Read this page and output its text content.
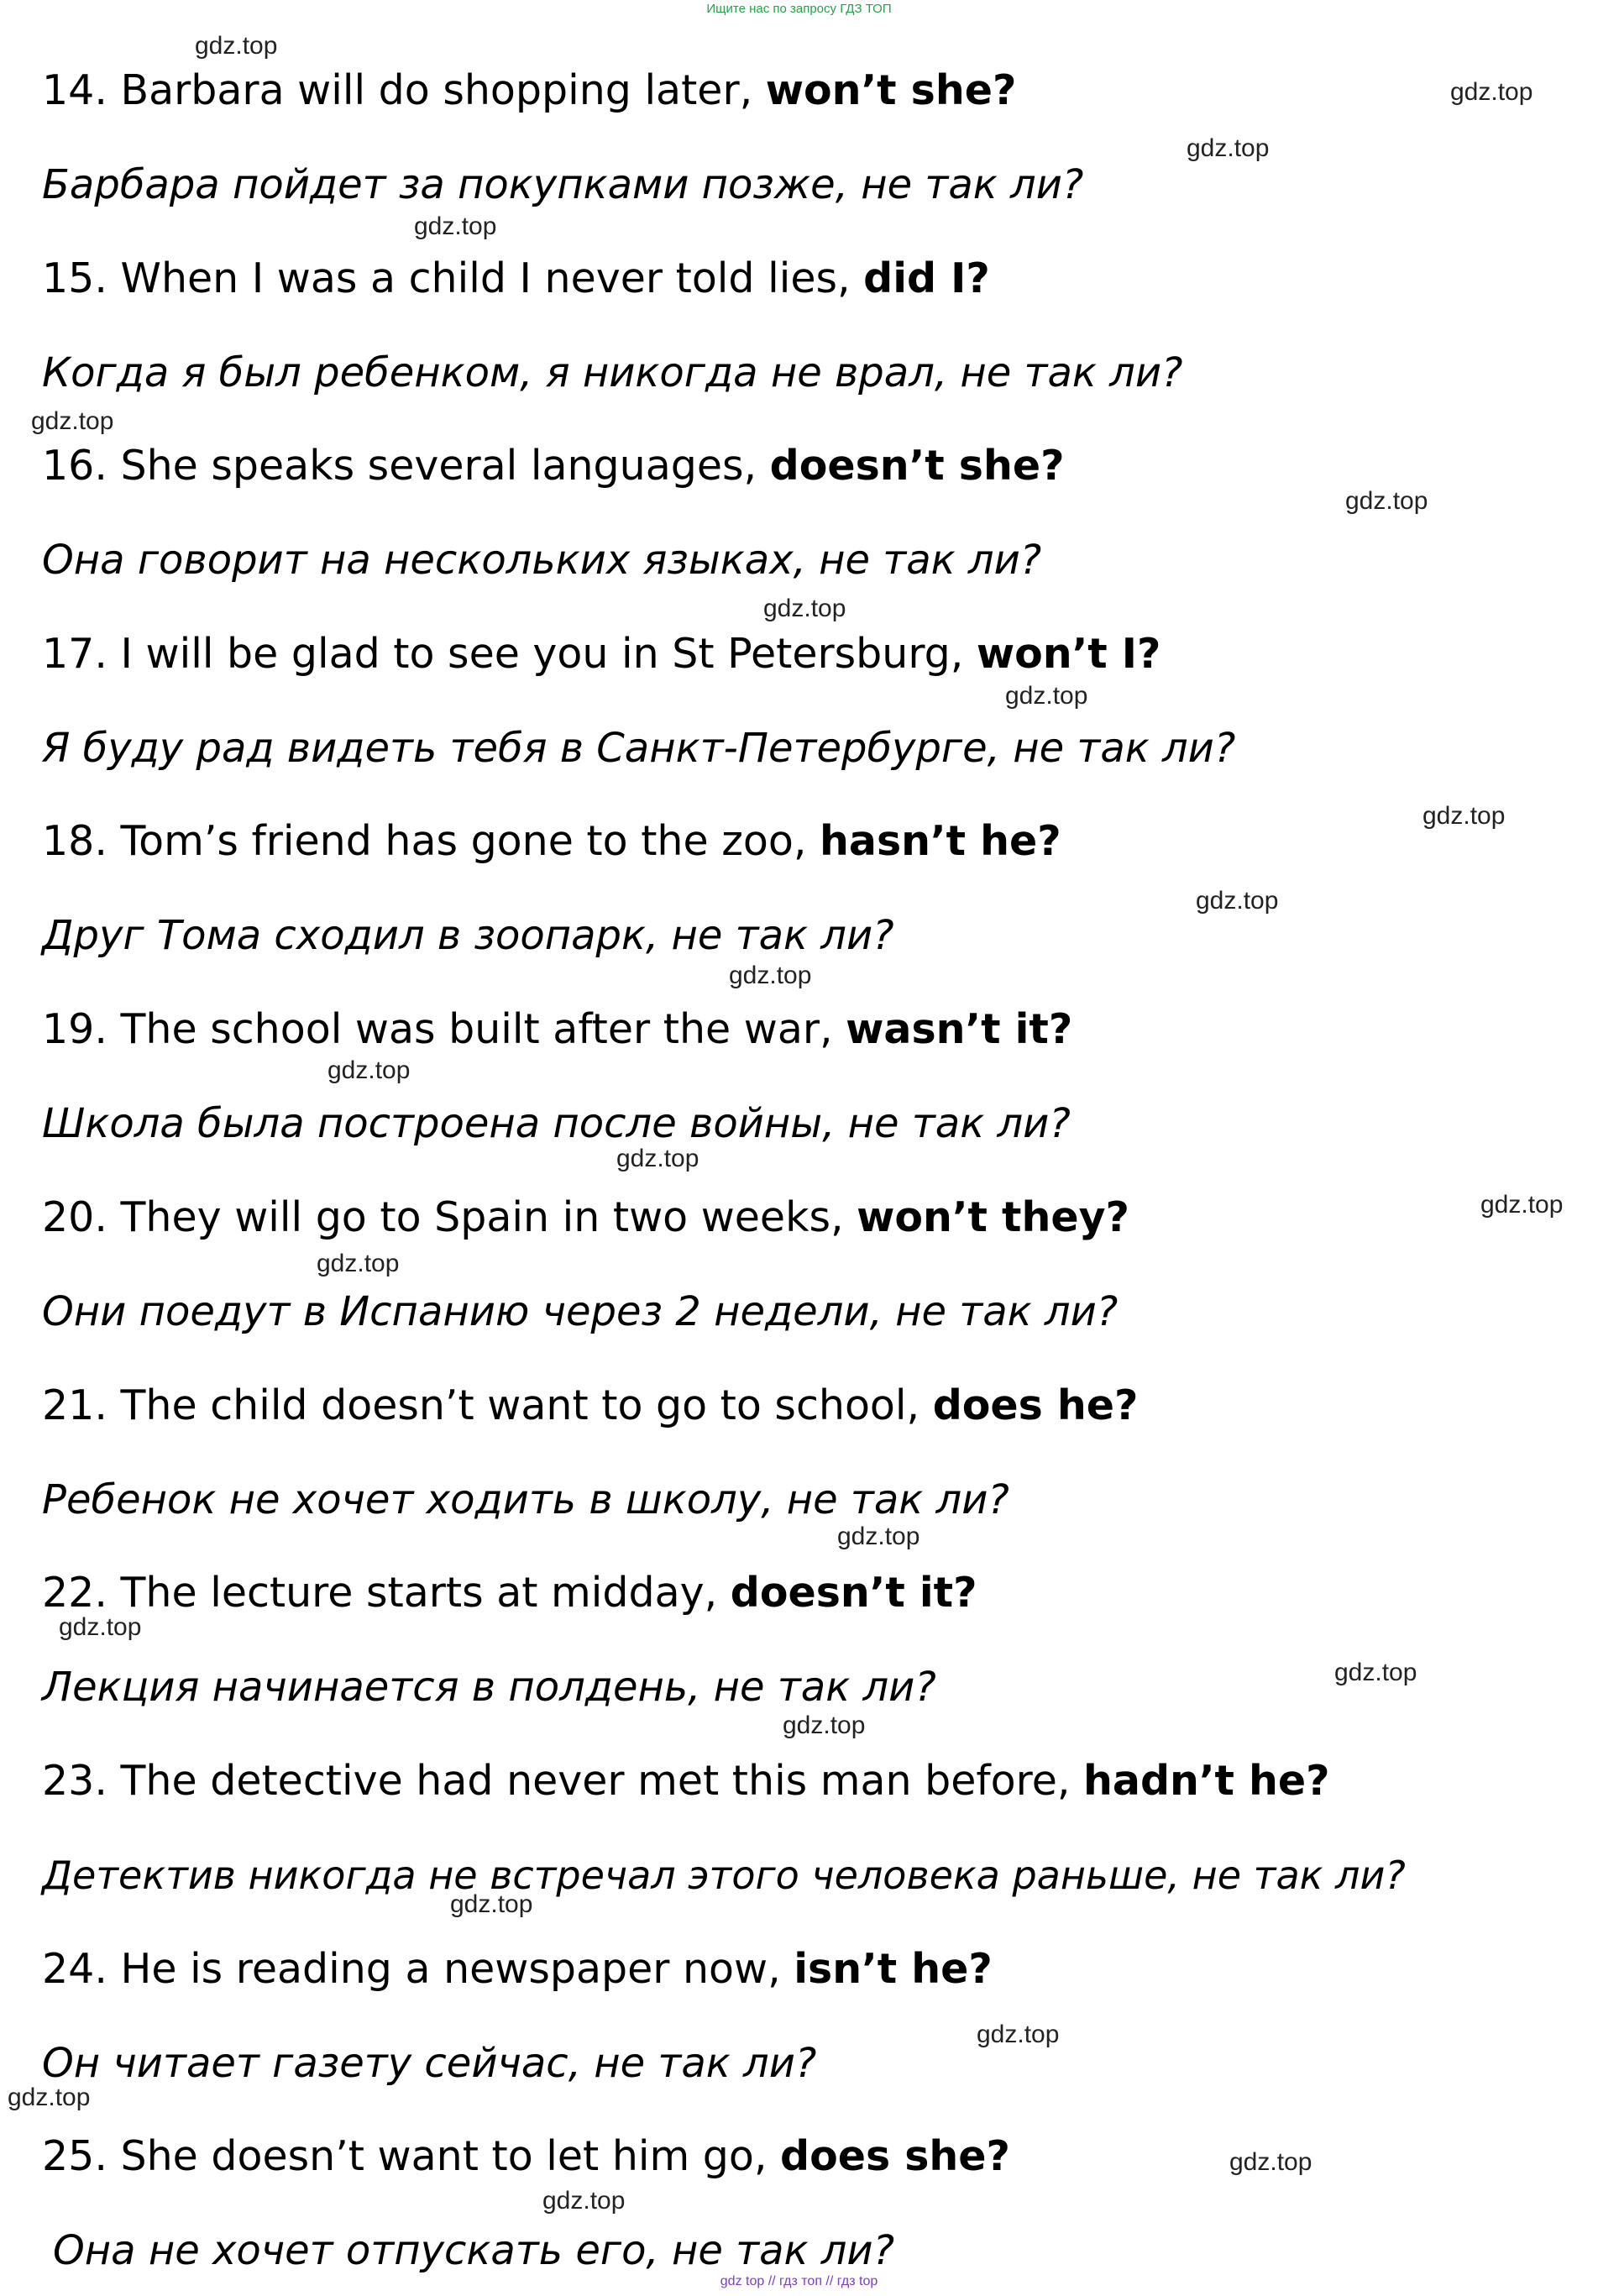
Ищите нас по запросу ГДЗ ТОП
14. Barbara will do shopping later, won’t she?
Барбара пойдет за покупками позже, не так ли?
15. When I was a child I never told lies, did I?
Когда я был ребенком, я никогда не врал, не так ли?
16. She speaks several languages, doesn’t she?
Она говорит на нескольких языках, не так ли?
17. I will be glad to see you in St Petersburg, won’t I?
Я буду рад видеть тебя в Санкт-Петербурге, не так ли?
18. Tom’s friend has gone to the zoo, hasn’t he?
Друг Тома сходил в зоопарк, не так ли?
19. The school was built after the war, wasn’t it?
Школа была построена после войны, не так ли?
20. They will go to Spain in two weeks, won’t they?
Они поедут в Испанию через 2 недели, не так ли?
21. The child doesn’t want to go to school, does he?
Ребенок не хочет ходить в школу, не так ли?
22. The lecture starts at midday, doesn’t it?
Лекция начинается в полдень, не так ли?
23. The detective had never met this man before, hadn’t he?
Детектив никогда не встречал этого человека раньше, не так ли?
24. He is reading a newspaper now, isn’t he?
Он читает газету сейчас, не так ли?
25. She doesn’t want to let him go, does she?
Она не хочет отпускать его, не так ли?
gdz.top
gdz.top
gdz.top
gdz.top
gdz.top
gdz.top
gdz.top
gdz.top
gdz.top
gdz.top
gdz.top
gdz.top
gdz.top
gdz.top
gdz.top
gdz.top
gdz.top
gdz.top
gdz.top
gdz.top
gdz.top
gdz.top
gdz.top
gdz.top
gdz top // гдз топ // гдз top
